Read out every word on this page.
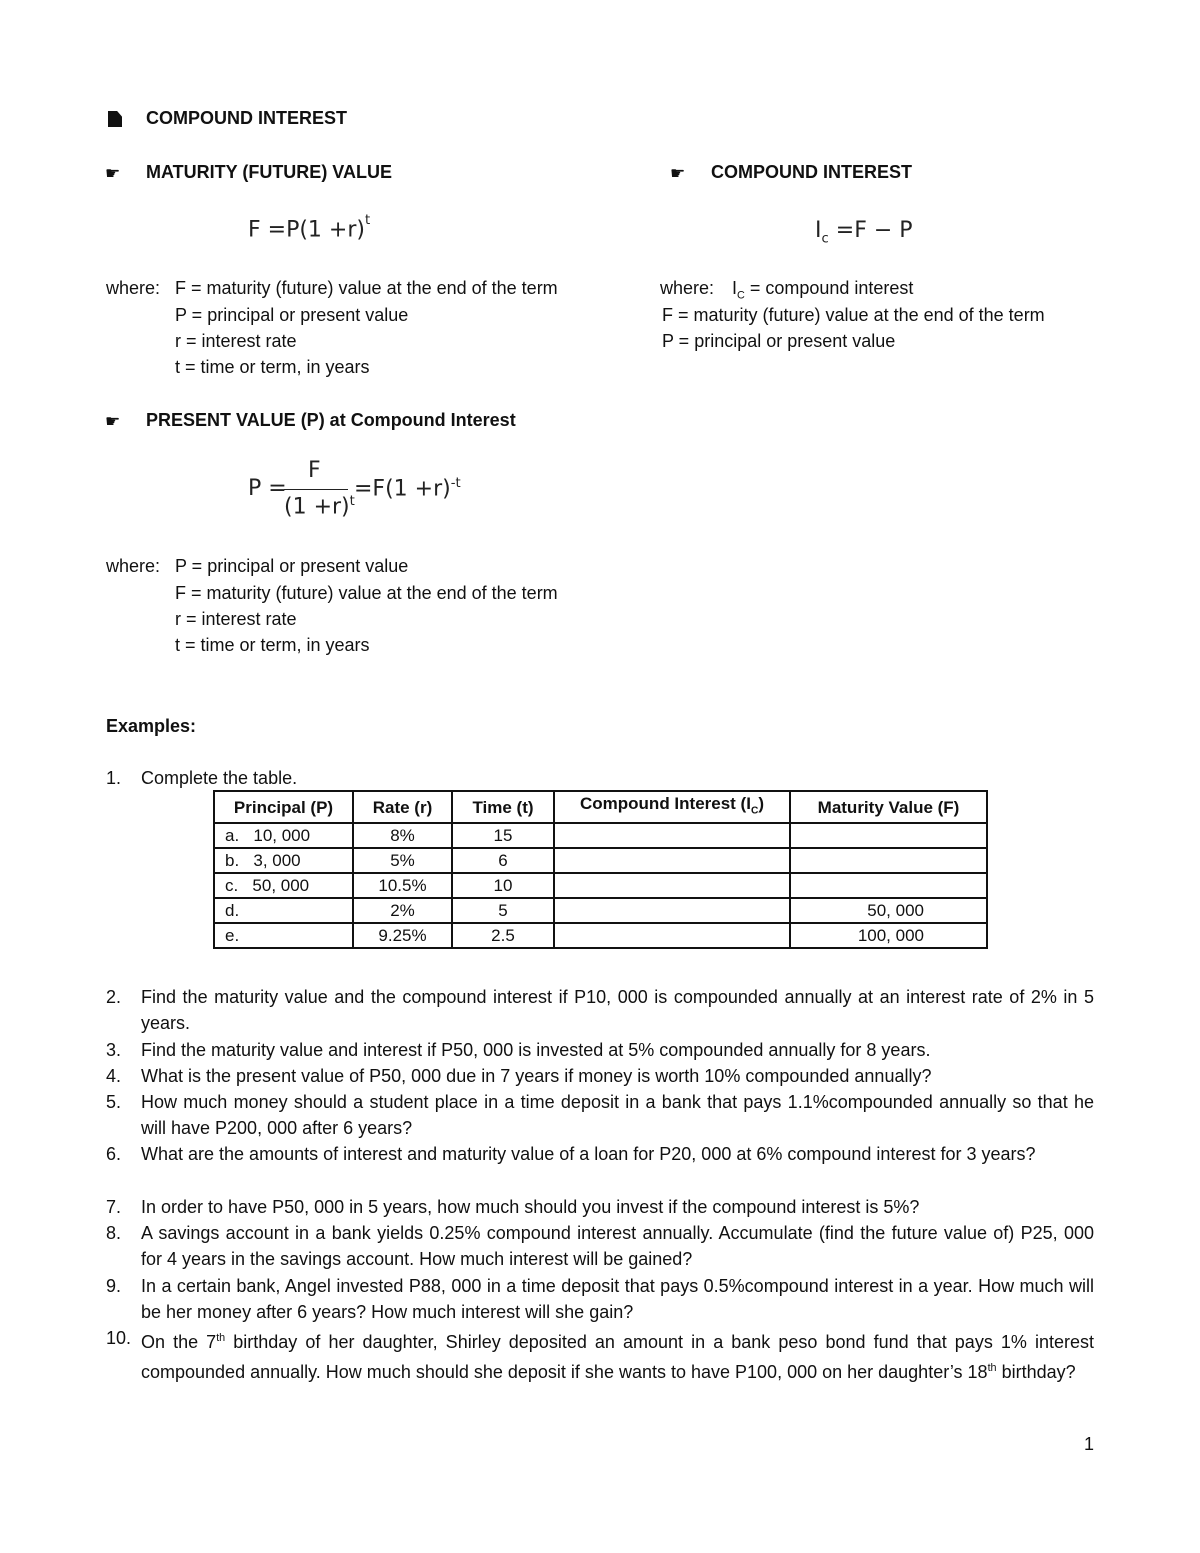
COMPOUND INTEREST
☛ MATURITY (FUTURE) VALUE	☛ COMPOUND INTEREST
$F =P(1 +r)^t$	$I_c =F - P$
where: F = maturity (future) value at the end of the term
P = principal or present value
r = interest rate
t = time or term, in years
where: $I_C$ = compound interest
F = maturity (future) value at the end of the term
P = principal or present value
☛ PRESENT VALUE (P) at Compound Interest
P =
F
$(1 +r)^t$
$=F(1 +r)^{-t}$
where: P = principal or present value
F = maturity (future) value at the end of the term
r = interest rate
t = time or term, in years
Examples:
1.	Complete the table.
Principal (P)	Rate (r)	Time (t)	Compound Interest $(I_C)$	Maturity Value (F)
a. 10, 000	8%	15		
b. 3, 000	5%	6		
c. 50, 000	10.5%	10		
d.	2%	5		50, 000
e.	9.25%	2.5		100, 000
2.	Find the maturity value and the compound interest if P10, 000 is compounded annually at an interest rate of 2% in 5 years.
3.	Find the maturity value and interest if P50, 000 is invested at 5% compounded annually for 8 years.
4.	What is the present value of P50, 000 due in 7 years if money is worth 10% compounded annually?
5.	How much money should a student place in a time deposit in a bank that pays 1.1%compounded annually so that he will have P200, 000 after 6 years?
6.	What are the amounts of interest and maturity value of a loan for P20, 000 at 6% compound interest for 3 years?
7.	In order to have P50, 000 in 5 years, how much should you invest if the compound interest is 5%?
8.	A savings account in a bank yields 0.25% compound interest annually. Accumulate (find the future value of) P25, 000 for 4 years in the savings account. How much interest will be gained?
9.	In a certain bank, Angel invested P88, 000 in a time deposit that pays 0.5%compound interest in a year. How much will be her money after 6 years? How much interest will she gain?
10. On the 7th birthday of her daughter, Shirley deposited an amount in a bank peso bond fund that pays 1% interest compounded annually. How much should she deposit if she wants to have P100, 000 on her daughter’s 18th birthday?
1
